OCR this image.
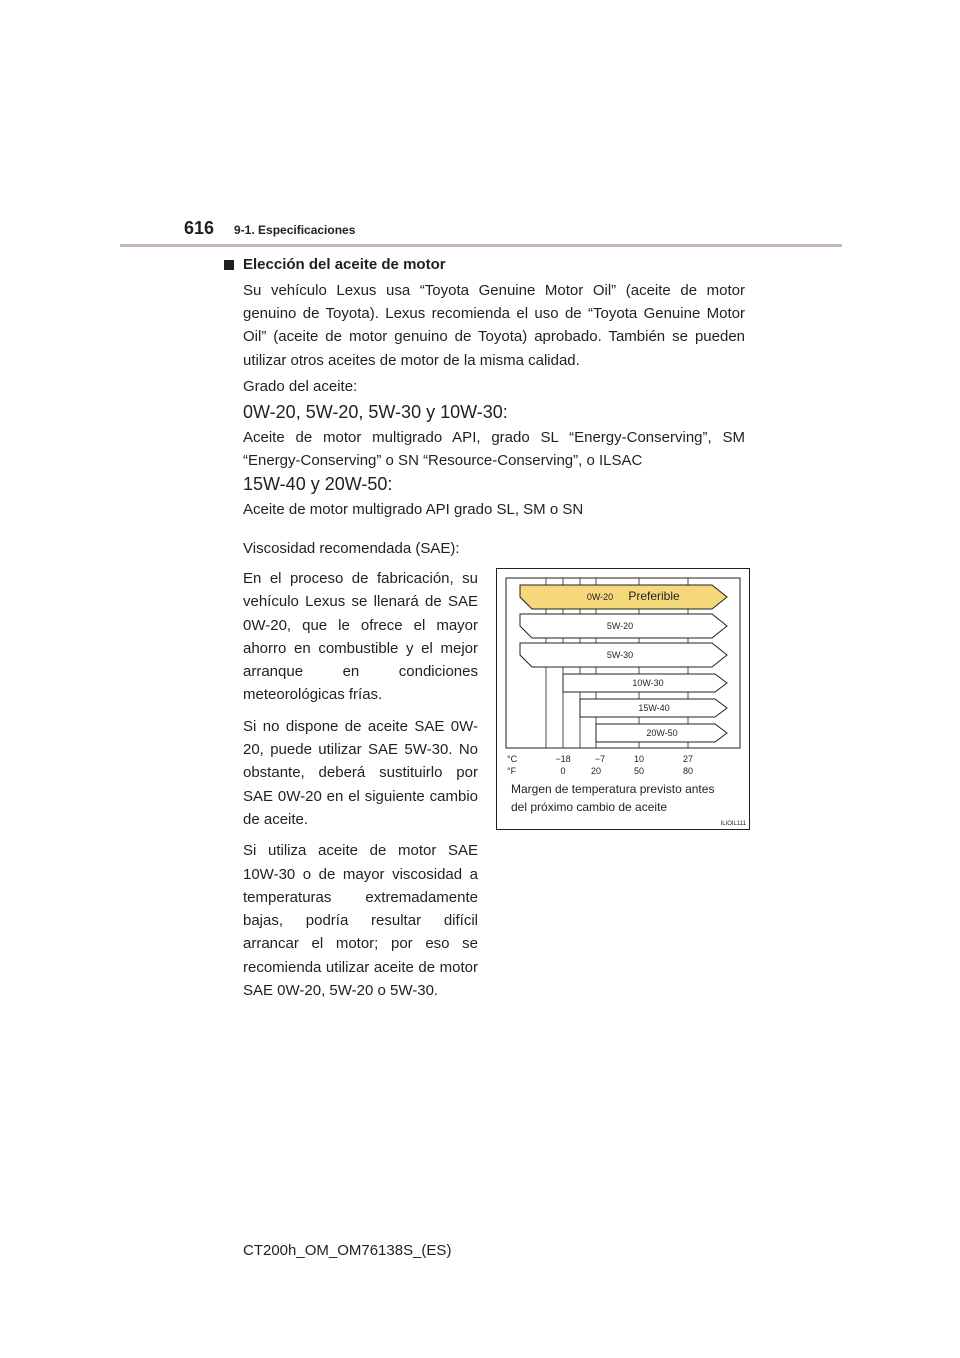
616 9-1. Especificaciones
Elección del aceite de motor
Su vehículo Lexus usa “Toyota Genuine Motor Oil” (aceite de motor genuino de Toyota). Lexus recomienda el uso de “Toyota Genuine Motor Oil” (aceite de motor genuino de Toyota) aprobado. También se pueden utilizar otros aceites de motor de la misma calidad.
Grado del aceite:
0W-20, 5W-20, 5W-30 y 10W-30:
Aceite de motor multigrado API, grado SL “Energy-Conserving”, SM “Energy-Conserving” o SN “Resource-Conserving”, o ILSAC
15W-40 y 20W-50:
Aceite de motor multigrado API grado SL, SM o SN
Viscosidad recomendada (SAE):

En el proceso de fabricación, su vehículo Lexus se llenará de SAE 0W-20, que le ofrece el mayor ahorro en combustible y el mejor arranque en condiciones meteorológicas frías.

Si no dispone de aceite SAE 0W-20, puede utilizar SAE 5W-30. No obstante, deberá sustituirlo por SAE 0W-20 en el siguiente cambio de aceite.

Si utiliza aceite de motor SAE 10W-30 o de mayor viscosidad a temperaturas extremadamente bajas, podría resultar difícil arrancar el motor; por eso se recomienda utilizar aceite de motor SAE 0W-20, 5W-20 o 5W-30.

0W-20 Preferible
5W-20
5W-30
10W-30
15W-40
20W-50
°C
°F
−18	−7	10	27
0	20	50	80
Margen de temperatura previsto antes
del próximo cambio de aceite
ILIOIL111
CT200h_OM_OM76138S_(ES)
